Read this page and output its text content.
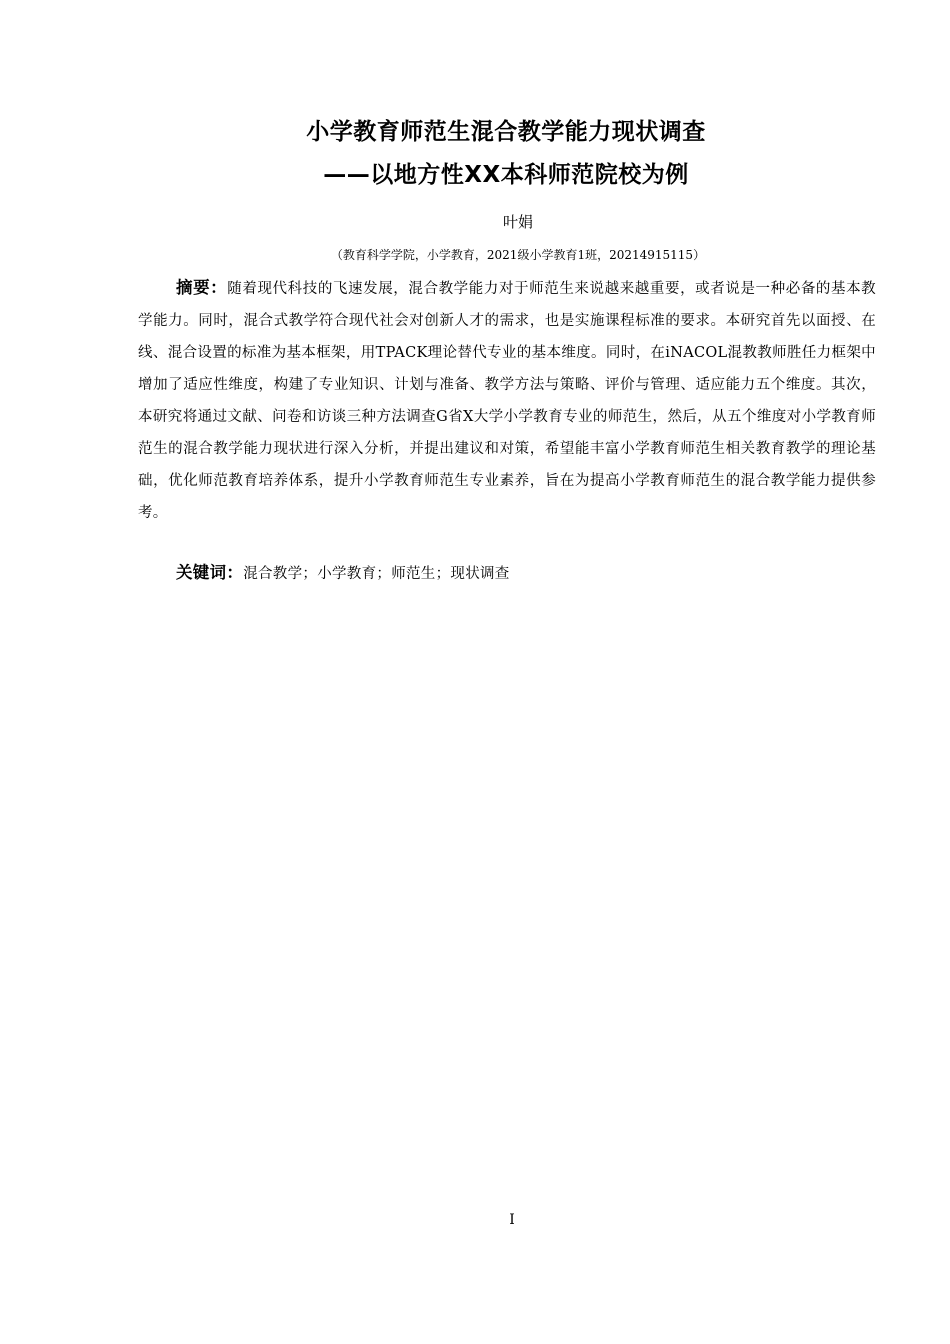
小学教育师范生混合教学能力现状调查
——以地方性XX本科师范院校为例
叶娟
（教育科学学院，小学教育，2021级小学教育1班，20214915115）
摘要：随着现代科技的飞速发展，混合教学能力对于师范生来说越来越重要，或者说是一种必备的基本教学能力。同时，混合式教学符合现代社会对创新人才的需求，也是实施课程标准的要求。本研究首先以面授、在线、混合设置的标准为基本框架，用TPACK理论替代专业的基本维度。同时，在iNACOL混教教师胜任力框架中增加了适应性维度，构建了专业知识、计划与准备、教学方法与策略、评价与管理、适应能力五个维度。其次，本研究将通过文献、问卷和访谈三种方法调查G省X大学小学教育专业的师范生，然后，从五个维度对小学教育师范生的混合教学能力现状进行深入分析，并提出建议和对策，希望能丰富小学教育师范生相关教育教学的理论基础，优化师范教育培养体系，提升小学教育师范生专业素养，旨在为提高小学教育师范生的混合教学能力提供参考。
关键词：混合教学；小学教育；师范生；现状调查
I
